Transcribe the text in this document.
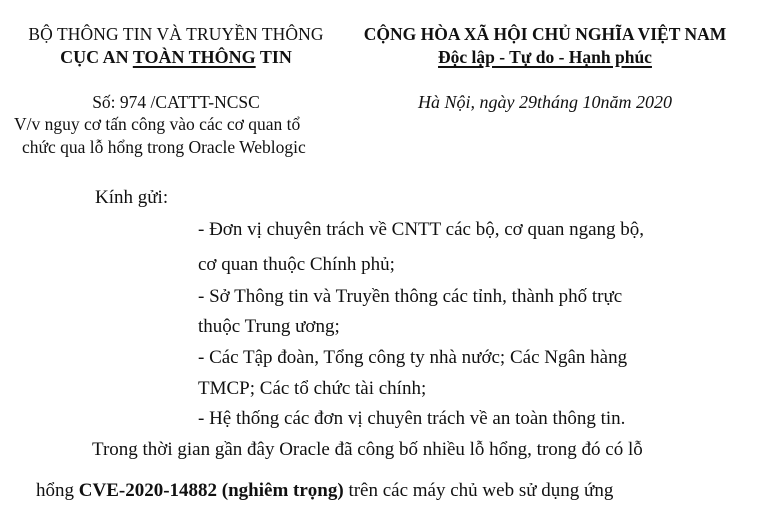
BỘ THÔNG TIN VÀ TRUYỀN THÔNG
CỤC AN TOÀN THÔNG TIN
CỘNG HÒA XÃ HỘI CHỦ NGHĨA VIỆT NAM
Độc lập - Tự do - Hạnh phúc
Số: 974 /CATTT-NCSC
V/v nguy cơ tấn công vào các cơ quan tổ
chức qua lỗ hổng trong Oracle Weblogic
Hà Nội, ngày 29tháng 10năm 2020
Kính gửi:
- Đơn vị chuyên trách về CNTT các bộ, cơ quan ngang bộ,
cơ quan thuộc Chính phủ;
- Sở Thông tin và Truyền thông các tỉnh, thành phố trực
thuộc Trung ương;
- Các Tập đoàn, Tổng công ty nhà nước; Các Ngân hàng
TMCP; Các tổ chức tài chính;
- Hệ thống các đơn vị chuyên trách về an toàn thông tin.
Trong thời gian gần đây Oracle đã công bố nhiều lỗ hổng, trong đó có lỗ
hổng CVE-2020-14882 (nghiêm trọng) trên các máy chủ web sử dụng ứng
